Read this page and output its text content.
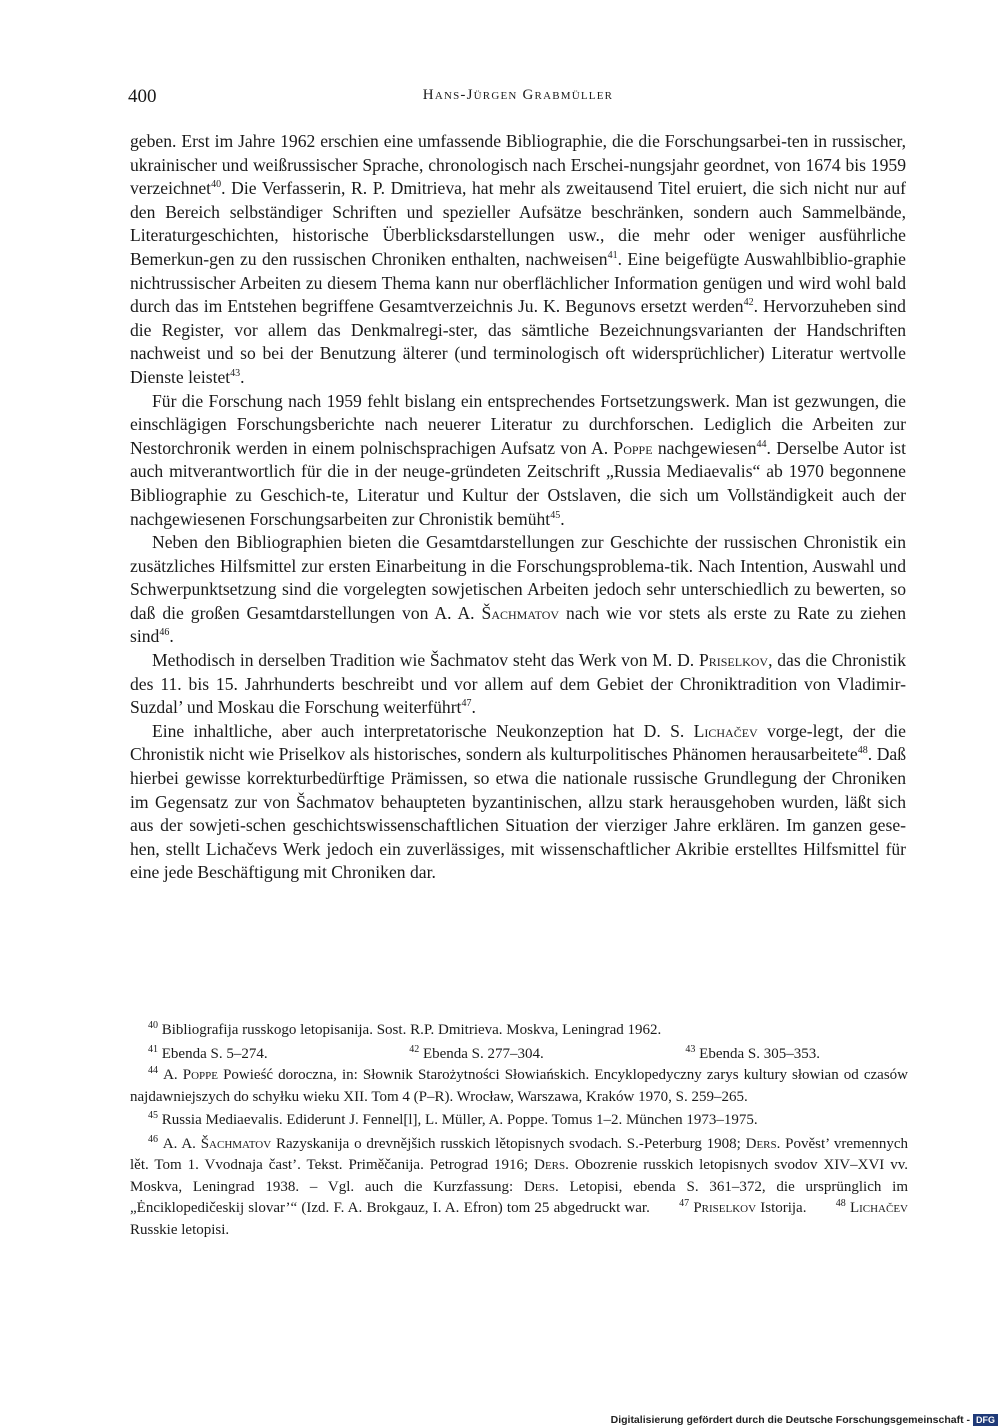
400	Hans-Jürgen Grabmüller

geben. Erst im Jahre 1962 erschien eine umfassende Bibliographie, die die Forschungsarbei-ten in russischer, ukrainischer und weißrussischer Sprache, chronologisch nach Erschei-nungsjahr geordnet, von 1674 bis 1959 verzeichnet$^{40}$. Die Verfasserin, R. P. Dmitrieva, hat mehr als zweitausend Titel eruiert, die sich nicht nur auf den Bereich selbständiger Schriften und spezieller Aufsätze beschränken, sondern auch Sammelbände, Literaturgeschichten, historische Überblicksdarstellungen usw., die mehr oder weniger ausführliche Bemerkun-gen zu den russischen Chroniken enthalten, nachweisen$^{41}$. Eine beigefügte Auswahlbiblio-graphie nichtrussischer Arbeiten zu diesem Thema kann nur oberflächlicher Information genügen und wird wohl bald durch das im Entstehen begriffene Gesamtverzeichnis Ju. K. Begunovs ersetzt werden$^{42}$. Hervorzuheben sind die Register, vor allem das Denkmalregi-ster, das sämtliche Bezeichnungsvarianten der Handschriften nachweist und so bei der Benutzung älterer (und terminologisch oft widersprüchlicher) Literatur wertvolle Dienste leistet$^{43}$.

Für die Forschung nach 1959 fehlt bislang ein entsprechendes Fortsetzungswerk. Man ist gezwungen, die einschlägigen Forschungsberichte nach neuerer Literatur zu durchforschen. Lediglich die Arbeiten zur Nestorchronik werden in einem polnischsprachigen Aufsatz von A. Poppe nachgewiesen$^{44}$. Derselbe Autor ist auch mitverantwortlich für die in der neuge-gründeten Zeitschrift „Russia Mediaevalis“ ab 1970 begonnene Bibliographie zu Geschich-te, Literatur und Kultur der Ostslaven, die sich um Vollständigkeit auch der nachgewiesenen Forschungsarbeiten zur Chronistik bemüht$^{45}$.

Neben den Bibliographien bieten die Gesamtdarstellungen zur Geschichte der russischen Chronistik ein zusätzliches Hilfsmittel zur ersten Einarbeitung in die Forschungsproblema-tik. Nach Intention, Auswahl und Schwerpunktsetzung sind die vorgelegten sowjetischen Arbeiten jedoch sehr unterschiedlich zu bewerten, so daß die großen Gesamtdarstellungen von A. A. Šachmatov nach wie vor stets als erste zu Rate zu ziehen sind$^{46}$.

Methodisch in derselben Tradition wie Šachmatov steht das Werk von M. D. Priselkov, das die Chronistik des 11. bis 15. Jahrhunderts beschreibt und vor allem auf dem Gebiet der Chroniktradition von Vladimir-Suzdal’ und Moskau die Forschung weiterführt$^{47}$.

Eine inhaltliche, aber auch interpretatorische Neukonzeption hat D. S. Lichačev vorge-legt, der die Chronistik nicht wie Priselkov als historisches, sondern als kulturpolitisches Phänomen herausarbeitete$^{48}$. Daß hierbei gewisse korrekturbedürftige Prämissen, so etwa die nationale russische Grundlegung der Chroniken im Gegensatz zur von Šachmatov behaupteten byzantinischen, allzu stark herausgehoben wurden, läßt sich aus der sowjeti-schen geschichtswissenschaftlichen Situation der vierziger Jahre erklären. Im ganzen gese-hen, stellt Lichačevs Werk jedoch ein zuverlässiges, mit wissenschaftlicher Akribie erstelltes Hilfsmittel für eine jede Beschäftigung mit Chroniken dar.

$^{40}$ Bibliografija russkogo letopisanija. Sost. R.P. Dmitrieva. Moskva, Leningrad 1962.

$^{41}$ Ebenda S. 5–274.	$^{42}$ Ebenda S. 277–304.	$^{43}$ Ebenda S. 305–353.

$^{44}$ A. Poppe Powieść doroczna, in: Słownik Starożytności Słowiańskich. Encyklopedyczny zarys kultury słowian od czasów najdawniejszych do schyłku wieku XII. Tom 4 (P–R). Wrocław, Warszawa, Kraków 1970, S. 259–265.

$^{45}$ Russia Mediaevalis. Ediderunt J. Fennel[l], L. Müller, A. Poppe. Tomus 1–2. München 1973–1975.

$^{46}$ A. A. Šachmatov Razyskanija o drevnějšich russkich lětopisnych svodach. S.-Peterburg 1908; Ders. Pověst’ vremennych lět. Tom 1. Vvodnaja čast’. Tekst. Priměčanija. Petrograd 1916; Ders. Obozrenie russkich letopisnych svodov XIV–XVI vv. Moskva, Leningrad 1938. – Vgl. auch die Kurzfassung: Ders. Letopisi, ebenda S. 361–372, die ursprünglich im „Ėnciklopedičeskij slovar’“ (Izd. F. A. Brokgauz, I. A. Efron) tom 25 abgedruckt war.	$^{47}$ Priselkov Istorija.	$^{48}$ Lichačev Russkie letopisi.

Digitalisierung gefördert durch die Deutsche Forschungsgemeinschaft - DFG
